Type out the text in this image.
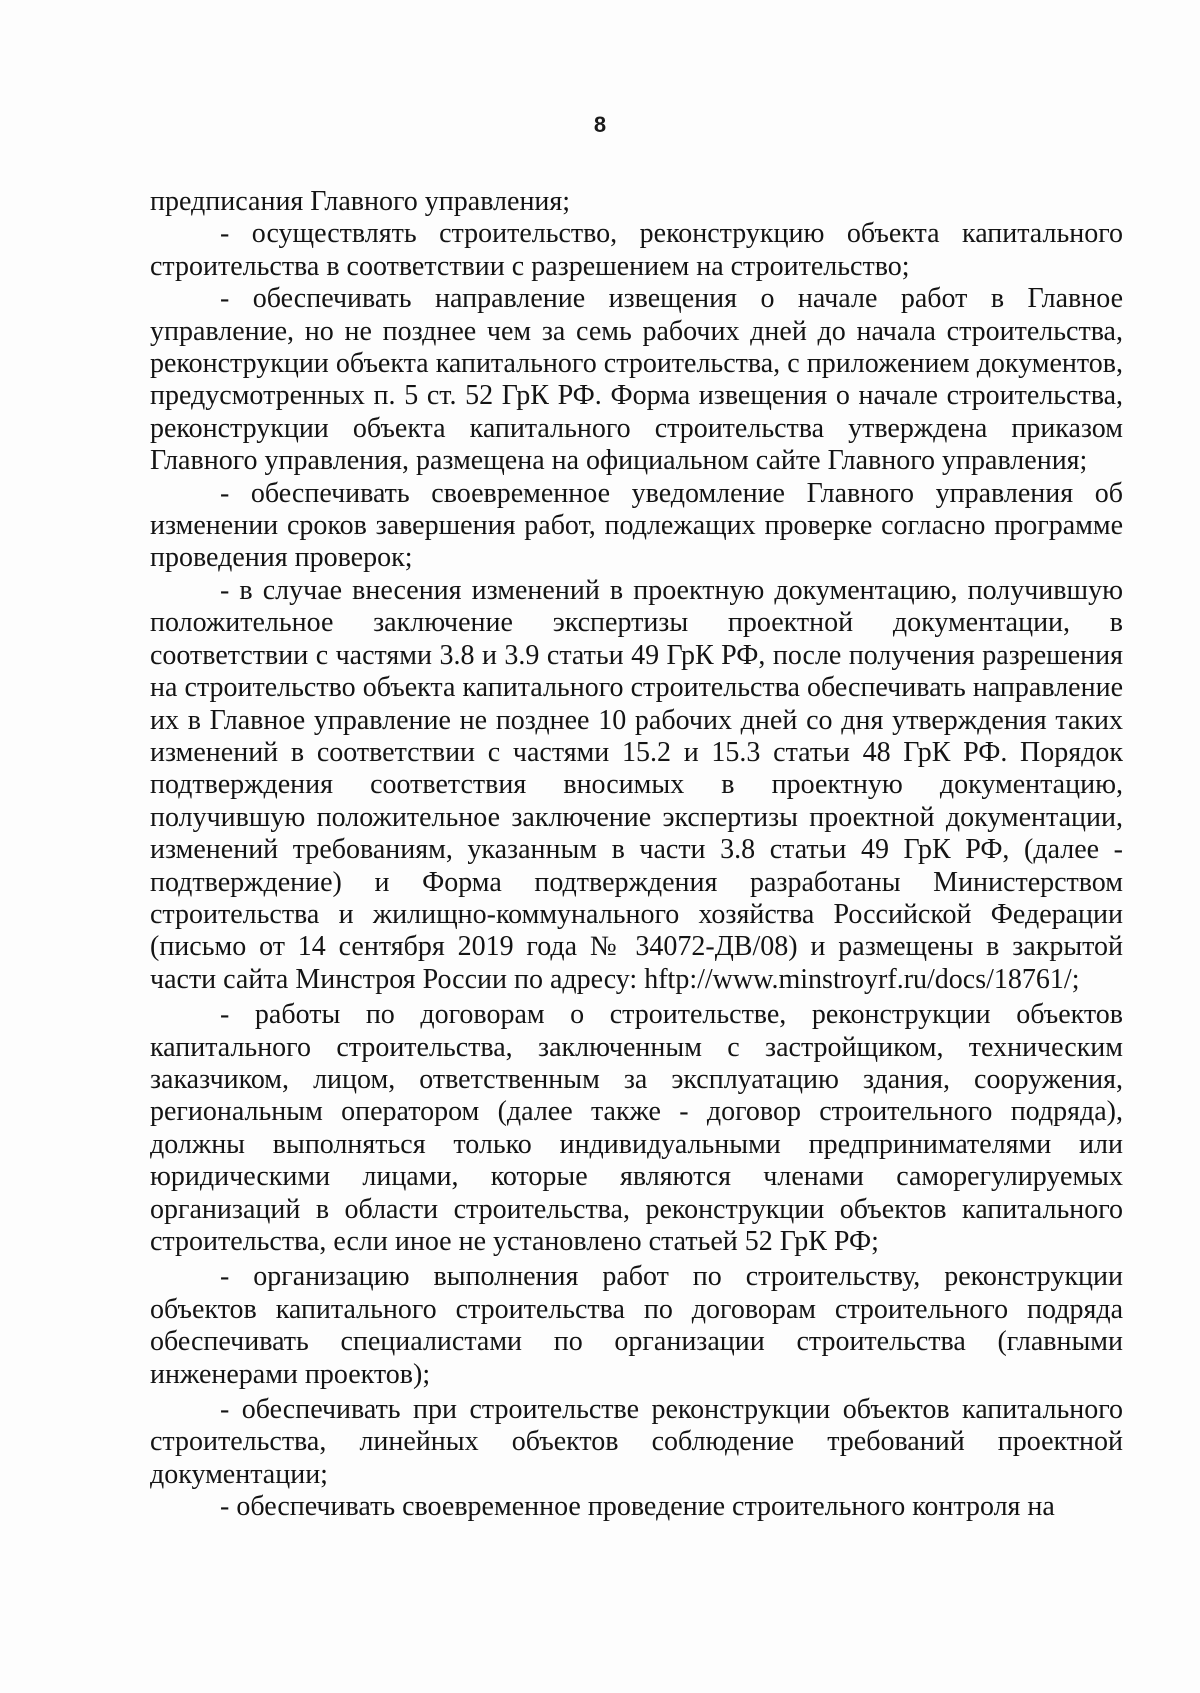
8

предписания Главного управления;

- осуществлять строительство, реконструкцию объекта капитального строительства в соответствии с разрешением на строительство;

- обеспечивать направление извещения о начале работ в Главное управление, но не позднее чем за семь рабочих дней до начала строительства, реконструкции объекта капитального строительства, с приложением документов, предусмотренных п. 5 ст. 52 ГрК РФ. Форма извещения о начале строительства, реконструкции объекта капитального строительства утверждена приказом Главного управления, размещена на официальном сайте Главного управления;

- обеспечивать своевременное уведомление Главного управления об изменении сроков завершения работ, подлежащих проверке согласно программе проведения проверок;

- в случае внесения изменений в проектную документацию, получившую положительное заключение экспертизы проектной документации, в соответствии с частями 3.8 и 3.9 статьи 49 ГрК РФ, после получения разрешения на строительство объекта капитального строительства обеспечивать направление их в Главное управление не позднее 10 рабочих дней со дня утверждения таких изменений в соответствии с частями 15.2 и 15.3 статьи 48 ГрК РФ. Порядок подтверждения соответствия вносимых в проектную документацию, получившую положительное заключение экспертизы проектной документации, изменений требованиям, указанным в части 3.8 статьи 49 ГрК РФ, (далее - подтверждение) и Форма подтверждения разработаны Министерством строительства и жилищно-коммунального хозяйства Российской Федерации (письмо от 14 сентября 2019 года № 34072-ДВ/08) и размещены в закрытой части сайта Минстроя России по адресу: hftp://www.minstroyrf.ru/docs/18761/;

- работы по договорам о строительстве, реконструкции объектов капитального строительства, заключенным с застройщиком, техническим заказчиком, лицом, ответственным за эксплуатацию здания, сооружения, региональным оператором (далее также - договор строительного подряда), должны выполняться только индивидуальными предпринимателями или юридическими лицами, которые являются членами саморегулируемых организаций в области строительства, реконструкции объектов капитального строительства, если иное не установлено статьей 52 ГрК РФ;

- организацию выполнения работ по строительству, реконструкции объектов капитального строительства по договорам строительного подряда обеспечивать специалистами по организации строительства (главными инженерами проектов);

- обеспечивать при строительстве реконструкции объектов капитального строительства, линейных объектов соблюдение требований проектной документации;

- обеспечивать своевременное проведение строительного контроля на
